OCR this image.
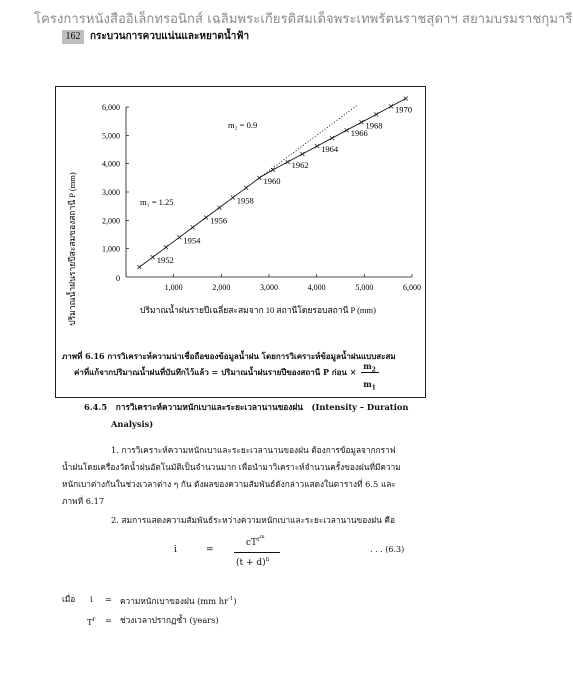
โครงการหนังสืออิเล็กทรอนิกส์ เฉลิมพระเกียรติสมเด็จพระเทพรัตนราชสุดาฯ สยามบรมราชกุมารี
162 กระบวนการควบแน่นและหยาดน้ำฟ้า
1,000	2,000	3,000	4,000	5,000	6,000
1,000
2,000
3,000
4,000
5,000
6,000
1952
1954
1956
1958
1960
1962
1964
1966
1968
1970
ปริมาณน้ำฝนรายปีสะสมของสถานี P (mm)	ปริมาณน้ำฝนรายปีเฉลี่ยสะสมจาก 10 สถานีโดยรอบสถานี P (mm)
0
m₁ = 1.25
m₂ = 0.9
ภาพที่ 6.16 การวิเคราะห์ความน่าเชื่อถือของข้อมูลน้ำฝน โดยการวิเคราะห์ข้อมูลน้ำฝนแบบสะสม
ค่าที่แก้จากปริมาณน้ำฝนที่บันทึกไว้แล้ว = ปริมาณน้ำฝนรายปีของสถานี P ก่อน × $\frac{m_2}{m_1}$
6.4.5 การวิเคราะห์ความหนักเบาและระยะเวลานานของฝน (Intensity – Duration
Analysis)
1. การวิเคราะห์ความหนักเบาและระยะเวลานานของฝน ต้องการข้อมูลจากกราฟ
น้ำฝนโดยเครื่องวัดน้ำฝนอัตโนมัติเป็นจำนวนมาก เพื่อนำมาวิเคราะห์จำนวนครั้งของฝนที่มีความ
หนักเบาต่างกันในช่วงเวลาต่าง ๆ กัน ดังผลของความสัมพันธ์ดังกล่าวแสดงในตารางที่ 6.5 และ
ภาพที่ 6.17
2. สมการแสดงความสัมพันธ์ระหว่างความหนักเบาและระยะเวลานานของฝน คือ
i	=
$cT^{r^m}$
$(t + d)^n$
. . . (6.3)
เมื่อ i = ความหนักเบาของฝน (mm $hr^{-1}$)
$T^r$ = ช่วงเวลาปรากฏซ้ำ (years)
